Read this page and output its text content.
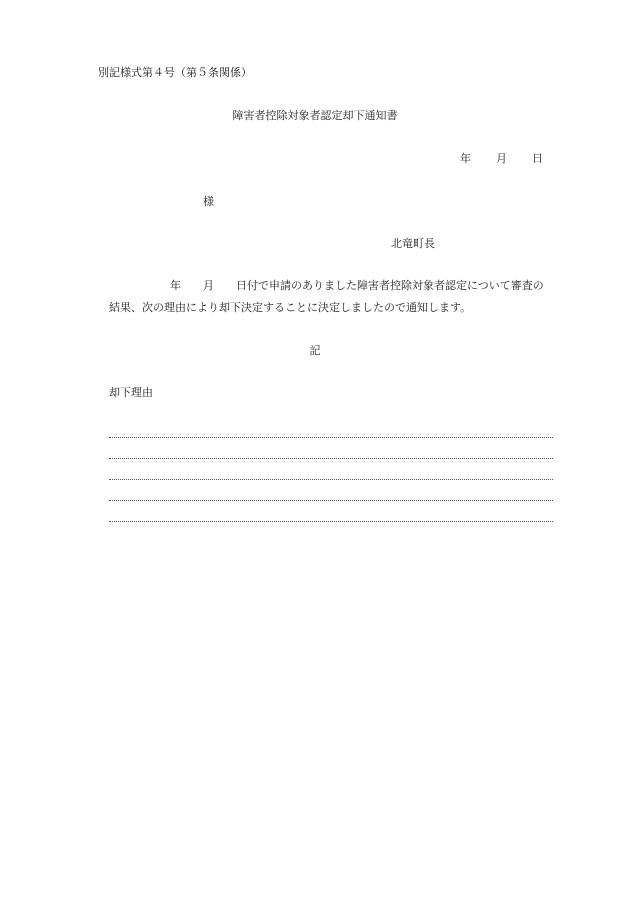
別記様式第４号（第５条関係）
障害者控除対象者認定却下通知書
年 月 日
様
北竜町長
年 月 日付で申請のありました障害者控除対象者認定について審査の
結果、次の理由により却下決定することに決定しましたので通知します。
記
却下理由
